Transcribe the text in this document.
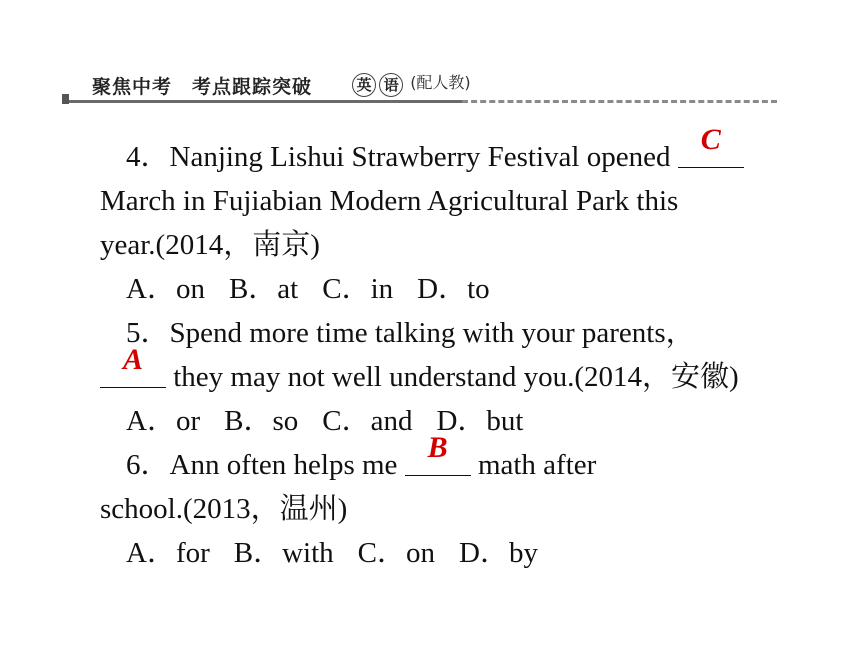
聚焦中考　考点跟踪突破	英 语 (配人教)
4．Nanjing Lishui Strawberry Festival opened
C
March in Fujiabian Modern Agricultural Park this
year.(2014，南京)
A．on B．at C．in D．to
5．Spend more time talking with your parents，
A
they may not well understand you.(2014，安徽)
A．or B．so C．and D．but
6．Ann often helps me
B
math after
school.(2013，温州)
A．for B．with C．on D．by
